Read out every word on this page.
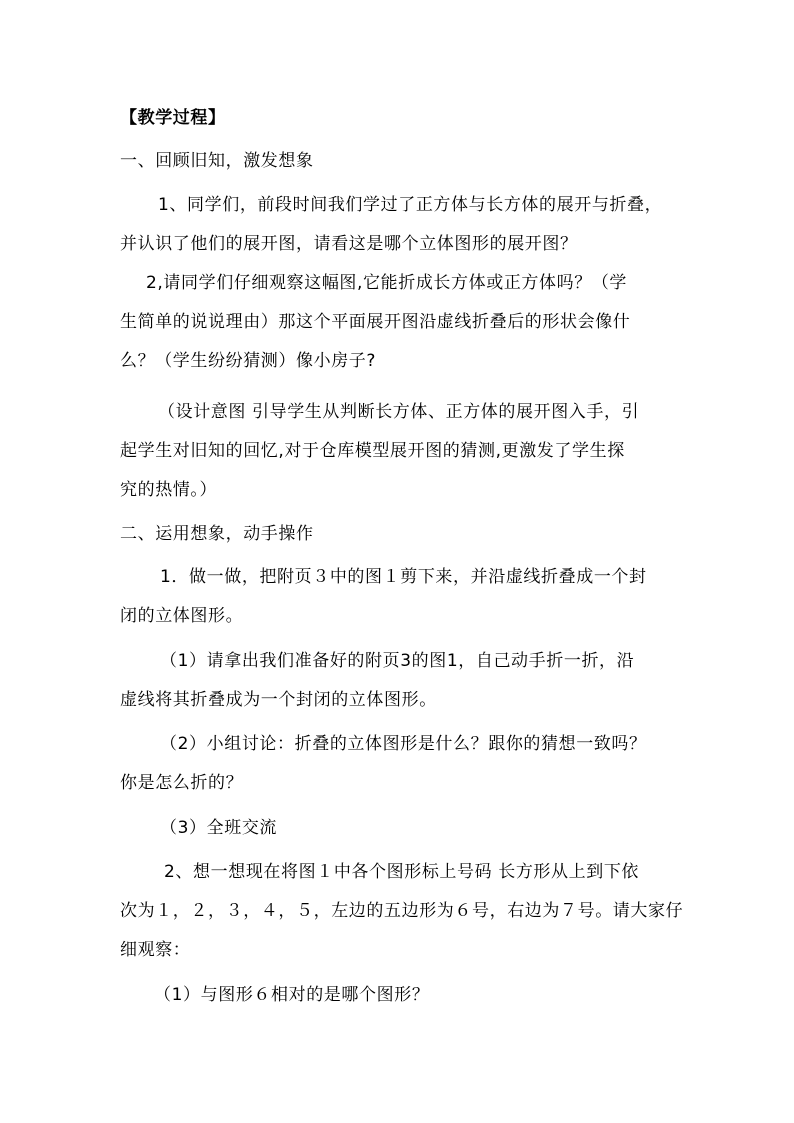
【教学过程】
一、回顾旧知，激发想象
1、同学们，前段时间我们学过了正方体与长方体的展开与折叠，
并认识了他们的展开图，请看这是哪个立体图形的展开图？
2,请同学们仔细观察这幅图,它能折成长方体或正方体吗？（学
生简单的说说理由）那这个平面展开图沿虚线折叠后的形状会像什
么？（学生纷纷猜测）像小房子?
（设计意图 引导学生从判断长方体、正方体的展开图入手，引
起学生对旧知的回忆,对于仓库模型展开图的猜测,更激发了学生探
究的热情。）
二、运用想象，动手操作
1．做一做，把附页３中的图１剪下来，并沿虚线折叠成一个封
闭的立体图形。
（1）请拿出我们准备好的附页3的图1，自己动手折一折，沿
虚线将其折叠成为一个封闭的立体图形。
（2）小组讨论：折叠的立体图形是什么？跟你的猜想一致吗？
你是怎么折的？
（3）全班交流
2、想一想现在将图１中各个图形标上号码 长方形从上到下依
次为１，２，３，４，５，左边的五边形为６号，右边为７号。请大家仔
细观察：
（1）与图形６相对的是哪个图形？
